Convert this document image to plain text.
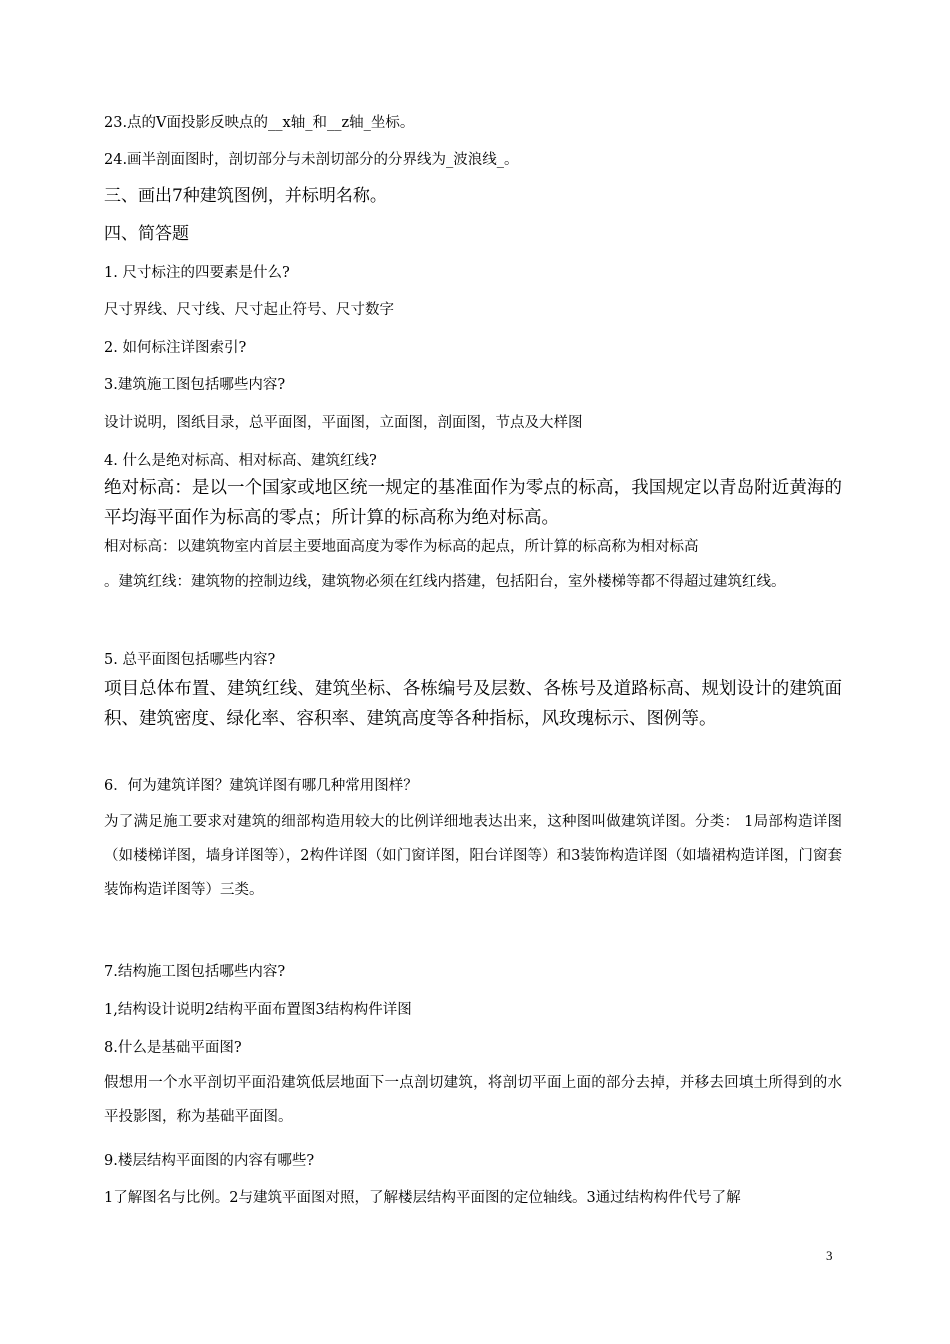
23.点的V面投影反映点的__x轴_和__z轴_坐标。
24.画半剖面图时，剖切部分与未剖切部分的分界线为_波浪线_。
三、画出7种建筑图例，并标明名称。
四、简答题
1. 尺寸标注的四要素是什么?
尺寸界线、尺寸线、尺寸起止符号、尺寸数字
2. 如何标注详图索引?
3.建筑施工图包括哪些内容?
设计说明，图纸目录，总平面图，平面图，立面图，剖面图，节点及大样图
4. 什么是绝对标高、相对标高、建筑红线?
绝对标高：是以一个国家或地区统一规定的基准面作为零点的标高，我国规定以青岛附近黄海的平均海平面作为标高的零点；所计算的标高称为绝对标高。
相对标高：以建筑物室内首层主要地面高度为零作为标高的起点，所计算的标高称为相对标高
。建筑红线：建筑物的控制边线，建筑物必须在红线内搭建，包括阳台，室外楼梯等都不得超过建筑红线。
5. 总平面图包括哪些内容?
项目总体布置、建筑红线、建筑坐标、各栋编号及层数、各栋号及道路标高、规划设计的建筑面积、建筑密度、绿化率、容积率、建筑高度等各种指标，风玫瑰标示、图例等。
6．何为建筑详图？建筑详图有哪几种常用图样？
为了满足施工要求对建筑的细部构造用较大的比例详细地表达出来，这种图叫做建筑详图。分类： 1局部构造详图（如楼梯详图，墙身详图等），2构件详图（如门窗详图，阳台详图等）和3装饰构造详图（如墙裙构造详图，门窗套装饰构造详图等）三类。
7.结构施工图包括哪些内容?
1,结构设计说明2结构平面布置图3结构构件详图
8.什么是基础平面图?
假想用一个水平剖切平面沿建筑低层地面下一点剖切建筑，将剖切平面上面的部分去掉，并移去回填土所得到的水平投影图，称为基础平面图。
9.楼层结构平面图的内容有哪些?
1了解图名与比例。2与建筑平面图对照，了解楼层结构平面图的定位轴线。3通过结构构件代号了解
3
